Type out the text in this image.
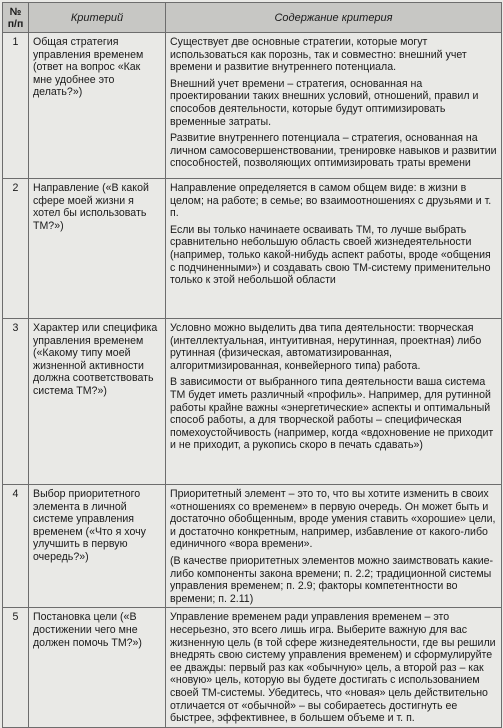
№ п/п	Критерий	Содержание критерия
1	Общая стратегия управления временем (ответ на вопрос «Как мне удобнее это делать?»)	Существует две основные стратегии, которые могут использоваться как порознь, так и совместно: внешний учет времени и развитие внутреннего потенциала.

Внешний учет времени – стратегия, основанная на проектировании таких внешних условий, отношений, правил и способов деятельности, которые будут оптимизировать временные затраты.

Развитие внутреннего потенциала – стратегия, основанная на личном самосовершенствовании, тренировке навыков и развитии способностей, позволяющих оптимизировать траты времени

2	Направление («В какой сфере моей жизни я хотел бы использовать ТМ?»)	Направление определяется в самом общем виде: в жизни в целом; на работе; в семье; во взаимоотношениях с друзьями и т. п.

Если вы только начинаете осваивать ТМ, то лучше выбрать сравнительно небольшую область своей жизнедеятельности (например, только какой-нибудь аспект работы, вроде «общения с подчиненными») и создавать свою ТМ-систему применительно только к этой небольшой области

3	Характер или специфика управления временем («Какому типу моей жизненной активности должна соответствовать система ТМ?»)	Условно можно выделить два типа деятельности: творческая (интеллектуальная, интуитивная, нерутинная, проектная) либо рутинная (физическая, автоматизированная, алгоритмизированная, конвейерного типа) работа.

В зависимости от выбранного типа деятельности ваша система ТМ будет иметь различный «профиль». Например, для рутинной работы крайне важны «энергетические» аспекты и оптимальный способ работы, а для творческой работы – специфическая помехоустойчивость (например, когда «вдохновение не приходит и не приходит, а рукопись скоро в печать сдавать»)

4	Выбор приоритетного элемента в личной системе управления временем («Что я хочу улучшить в первую очередь?»)	Приоритетный элемент – это то, что вы хотите изменить в своих «отношениях со временем» в первую очередь. Он может быть и достаточно обобщенным, вроде умения ставить «хорошие» цели, и достаточно конкретным, например, избавление от какого-либо единичного «вора времени».

(В качестве приоритетных элементов можно заимствовать какие-либо компоненты закона времени; п. 2.2; традиционной системы управления временем; п. 2.9; факторы компетентности во времени; п. 2.11)

5	Постановка цели («В достижении чего мне должен помочь ТМ?»)	Управление временем ради управления временем – это несерьезно, это всего лишь игра. Выберите важную для вас жизненную цель (в той сфере жизнедеятельности, где вы решили внедрять свою систему управления временем) и сформулируйте ее дважды: первый раз как «обычную» цель, а второй раз – как «новую» цель, которую вы будете достигать с использованием своей ТМ-системы. Убедитесь, что «новая» цель действительно отличается от «обычной» – вы собираетесь достигнуть ее быстрее, эффективнее, в большем объеме и т. п.
